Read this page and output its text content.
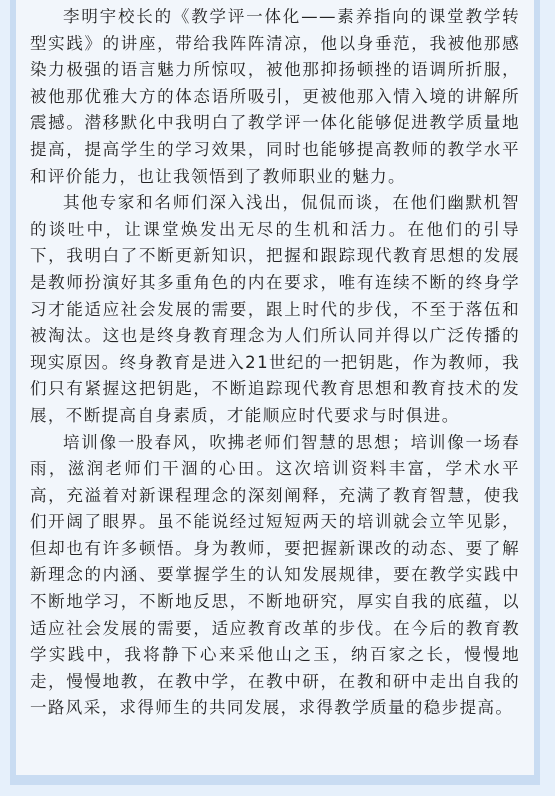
李明宇校长的《教学评一体化——素养指向的课堂教学转型实践》的讲座，带给我阵阵清凉，他以身垂范，我被他那感染力极强的语言魅力所惊叹，被他那抑扬顿挫的语调所折服，被他那优雅大方的体态语所吸引，更被他那入情入境的讲解所震撼。潜移默化中我明白了教学评一体化能够促进教学质量地提高，提高学生的学习效果，同时也能够提高教师的教学水平和评价能力，也让我领悟到了教师职业的魅力。

其他专家和名师们深入浅出，侃侃而谈，在他们幽默机智的谈吐中，让课堂焕发出无尽的生机和活力。在他们的引导下，我明白了不断更新知识，把握和跟踪现代教育思想的发展是教师扮演好其多重角色的内在要求，唯有连续不断的终身学习才能适应社会发展的需要，跟上时代的步伐，不至于落伍和被淘汰。这也是终身教育理念为人们所认同并得以广泛传播的现实原因。终身教育是进入21世纪的一把钥匙，作为教师，我们只有紧握这把钥匙，不断追踪现代教育思想和教育技术的发展，不断提高自身素质，才能顺应时代要求与时俱进。

培训像一股春风，吹拂老师们智慧的思想；培训像一场春雨，滋润老师们干涸的心田。这次培训资料丰富，学术水平高，充溢着对新课程理念的深刻阐释，充满了教育智慧，使我们开阔了眼界。虽不能说经过短短两天的培训就会立竿见影，但却也有许多顿悟。身为教师，要把握新课改的动态、要了解新理念的内涵、要掌握学生的认知发展规律，要在教学实践中不断地学习，不断地反思，不断地研究，厚实自我的底蕴，以适应社会发展的需要，适应教育改革的步伐。在今后的教育教学实践中，我将静下心来采他山之玉，纳百家之长，慢慢地走，慢慢地教，在教中学，在教中研，在教和研中走出自我的一路风采，求得师生的共同发展，求得教学质量的稳步提高。
